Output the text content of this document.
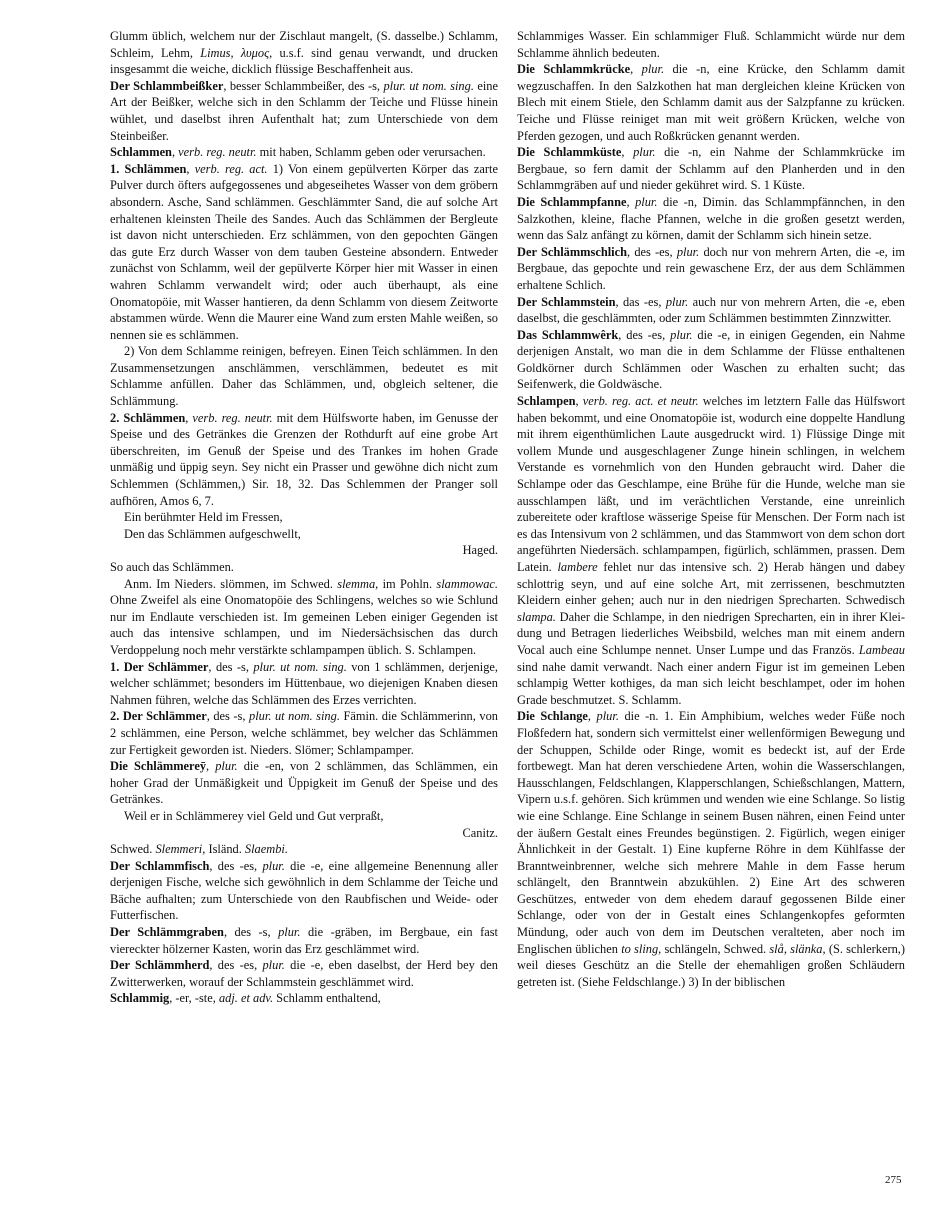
Glumm üblich, welchem nur der Zischlaut mangelt, (S. dasselbe.) Schlamm, Schleim, Lehm, Limus, λυμος, u.s.f. sind genau verwandt, und drucken insgesammt die weiche, dicklich flüssige Beschaffenheit aus.

Der Schlammbeißker, besser Schlammbeißer, des -s, plur. ut nom. sing. eine Art der Beißker, welche sich in den Schlamm der Teiche und Flüsse hinein wühlet, und daselbst ihren Aufenthalt hat; zum Unterschiede von dem Steinbeißer.

Schlammen, verb. reg. neutr. mit haben, Schlamm geben oder verursachen.

1. Schlämmen, verb. reg. act. 1) Von einem gepülverten Körper das zarte Pulver durch öfters aufgegossenes und abgeseihetes Wasser von dem gröbern absondern. Asche, Sand schlämmen. Geschlämmter Sand, die auf solche Art erhaltenen kleinsten Theile des Sandes. Auch das Schlämmen der Bergleute ist davon nicht unterschieden. Erz schlämmen, von den gepochten Gängen das gute Erz durch Wasser von dem tauben Gesteine absondern. Entweder zunächst von Schlamm, weil der gepülverte Körper hier mit Wasser in einen wahren Schlamm verwandelt wird; oder auch überhaupt, als eine Onomatopöie, mit Wasser hantieren, da denn Schlamm von diesem Zeitworte abstammen würde. Wenn die Maurer eine Wand zum ersten Mahle weißen, so nennen sie es schlämmen.

2) Von dem Schlamme reinigen, befreyen. Einen Teich schlämmen. In den Zusammensetzungen anschlämmen, verschlämmen, bedeutet es mit Schlamme anfüllen. Daher das Schlämmen, und, obgleich seltener, die Schlämmung.

2. Schlämmen, verb. reg. neutr. mit dem Hülfsworte haben, im Genusse der Speise und des Getränkes die Grenzen der Rothdurft auf eine grobe Art überschreiten, im Genuß der Speise und des Trankes im hohen Grade unmäßig und üppig seyn. Sey nicht ein Prasser und gewöhne dich nicht zum Schlemmen (Schlämmen,) Sir. 18, 32. Das Schlemmen der Pranger soll aufhören, Amos 6, 7.

Ein berühmter Held im Fressen,

Den das Schlämmen aufgeschwellt,

Haged.

So auch das Schlämmen.

Anm. Im Nieders. slömmen, im Schwed. slemma, im Pohln. slammowac. Ohne Zweifel als eine Onomatopöie des Schlingens, welches so wie Schlund nur im Endlaute verschieden ist. Im gemeinen Leben einiger Gegenden ist auch das intensive schlampen, und im Niedersächsischen das durch Verdoppelung noch mehr verstärkte schlampampen üblich. S. Schlampen.

1. Der Schlämmer, des -s, plur. ut nom. sing. von 1 schlämmen, derjenige, welcher schlämmet; besonders im Hüttenbaue, wo diejenigen Knaben diesen Nahmen führen, welche das Schlämmen des Erzes verrichten.

2. Der Schlämmer, des -s, plur. ut nom. sing. Fämin. die Schlämmerinn, von 2 schlämmen, eine Person, welche schlämmet, bey welcher das Schlämmen zur Fertigkeit geworden ist. Nieders. Slömer; Schlampamper.

Die Schlämmereӯ, plur. die -en, von 2 schlämmen, das Schlämmen, ein hoher Grad der Unmäßigkeit und Üppigkeit im Genuß der Speise und des Getränkes.

Weil er in Schlämmerey viel Geld und Gut verpraßt,

Canitz.

Schwed. Slemmeri, Isländ. Slaembi.

Der Schlammfisch, des -es, plur. die -e, eine allgemeine Benennung aller derjenigen Fische, welche sich gewöhnlich in dem Schlamme der Teiche und Bäche aufhalten; zum Unterschiede von den Raubfischen und Weide- oder Futterfischen.

Der Schlämmgraben, des -s, plur. die -gräben, im Bergbaue, ein fast viereckter hölzerner Kasten, worin das Erz geschlämmet wird.

Der Schlämmherd, des -es, plur. die -e, eben daselbst, der Herd bey den Zwitterwerken, worauf der Schlammstein geschlämmet wird.

Schlammig, -er, -ste, adj. et adv. Schlamm enthaltend,

Schlammiges Wasser. Ein schlammiger Fluß. Schlammicht würde nur dem Schlamme ähnlich bedeuten.

Die Schlammkrücke, plur. die -n, eine Krücke, den Schlamm damit wegzuschaffen. In den Salzkothen hat man dergleichen kleine Krücken von Blech mit einem Stiele, den Schlamm damit aus der Salzpfanne zu krücken. Teiche und Flüsse reiniget man mit weit größern Krücken, welche von Pferden gezogen, und auch Roßkrücken genannt werden.

Die Schlammküste, plur. die -n, ein Nahme der Schlammkrücke im Bergbaue, so fern damit der Schlamm auf den Planherden und in den Schlammgräben auf und nieder gekühret wird. S. 1 Küste.

Die Schlammpfanne, plur. die -n, Dimin. das Schlammpfännchen, in den Salzkothen, kleine, flache Pfannen, welche in die großen gesetzt werden, wenn das Salz anfängt zu körnen, damit der Schlamm sich hinein setze.

Der Schlämmschlich, des -es, plur. doch nur von mehrern Arten, die -e, im Bergbaue, das gepochte und rein gewaschene Erz, der aus dem Schlämmen erhaltene Schlich.

Der Schlammstein, das -es, plur. auch nur von mehrern Arten, die -e, eben daselbst, die geschlämmten, oder zum Schlämmen bestimmten Zinnzwitter.

Das Schlammwêrk, des -es, plur. die -e, in einigen Gegenden, ein Nahme derjenigen Anstalt, wo man die in dem Schlamme der Flüsse enthaltenen Goldkörner durch Schlämmen oder Waschen zu erhalten sucht; das Seifenwerk, die Goldwäsche.

Schlampen, verb. reg. act. et neutr. welches im letztern Falle das Hülfswort haben bekommt, und eine Onomatopöie ist, wodurch eine doppelte Handlung mit ihrem eigenthümlichen Laute ausgedruckt wird. 1) Flüssige Dinge mit vollem Munde und ausgeschlagener Zunge hinein schlingen, in welchem Verstande es vornehmlich von den Hunden gebraucht wird. Daher die Schlampe oder das Geschlampe, eine Brühe für die Hunde, welche man sie ausschlampen läßt, und im verächtlichen Verstande, eine unreinlich zubereitete oder kraftlose wässerige Speise für Menschen. Der Form nach ist es das Intensivum von 2 schlämmen, und das Stammwort von dem schon dort angeführten Niedersäch. schlampampen, figürlich, schlämmen, prassen. Dem Latein. lambere fehlet nur das intensive sch. 2) Herab hängen und dabey schlottrig seyn, und auf eine solche Art, mit zerrissenen, beschmutzten Kleidern einher gehen; auch nur in den niedrigen Sprecharten. Schwedisch slampa. Daher die Schlampe, in den niedrigen Sprecharten, ein in ihrer Kleidung und Betragen liederliches Weibsbild, welches man mit einem andern Vocal auch eine Schlumpe nennet. Unser Lumpe und das Französ. Lambeau sind nahe damit verwandt. Nach einer andern Figur ist im gemeinen Leben schlampig Wetter kothiges, da man sich leicht beschlampet, oder im hohen Grade beschmutzet. S. Schlamm.

Die Schlange, plur. die -n. 1. Ein Amphibium, welches weder Füße noch Floßfedern hat, sondern sich vermittelst einer wellenförmigen Bewegung und der Schuppen, Schilde oder Ringe, womit es bedeckt ist, auf der Erde fortbewegt. Man hat deren verschiedene Arten, wohin die Wasserschlangen, Hausschlangen, Feldschlangen, Klapperschlangen, Schießschlangen, Mattern, Vipern u.s.f. gehören. Sich krümmen und wenden wie eine Schlange. So listig wie eine Schlange. Eine Schlange in seinem Busen nähren, einen Feind unter der äußern Gestalt eines Freundes begünstigen. 2. Figürlich, wegen einiger Ähnlichkeit in der Gestalt. 1) Eine kupferne Röhre in dem Kühlfasse der Branntweinbrenner, welche sich mehrere Mahle in dem Fasse herum schlängelt, den Branntwein abzukühlen. 2) Eine Art des schweren Geschützes, entweder von dem ehedem darauf gegossenen Bilde einer Schlange, oder von der in Gestalt eines Schlangenkopfes geformten Mündung, oder auch von dem im Deutschen veralteten, aber noch im Englischen üblichen to sling, schlängeln, Schwed. slå, slänka, (S. schlerkern,) weil dieses Geschütz an die Stelle der ehemahligen großen Schläudern getreten ist. (Siehe Feldschlange.) 3) In der biblischen

275
